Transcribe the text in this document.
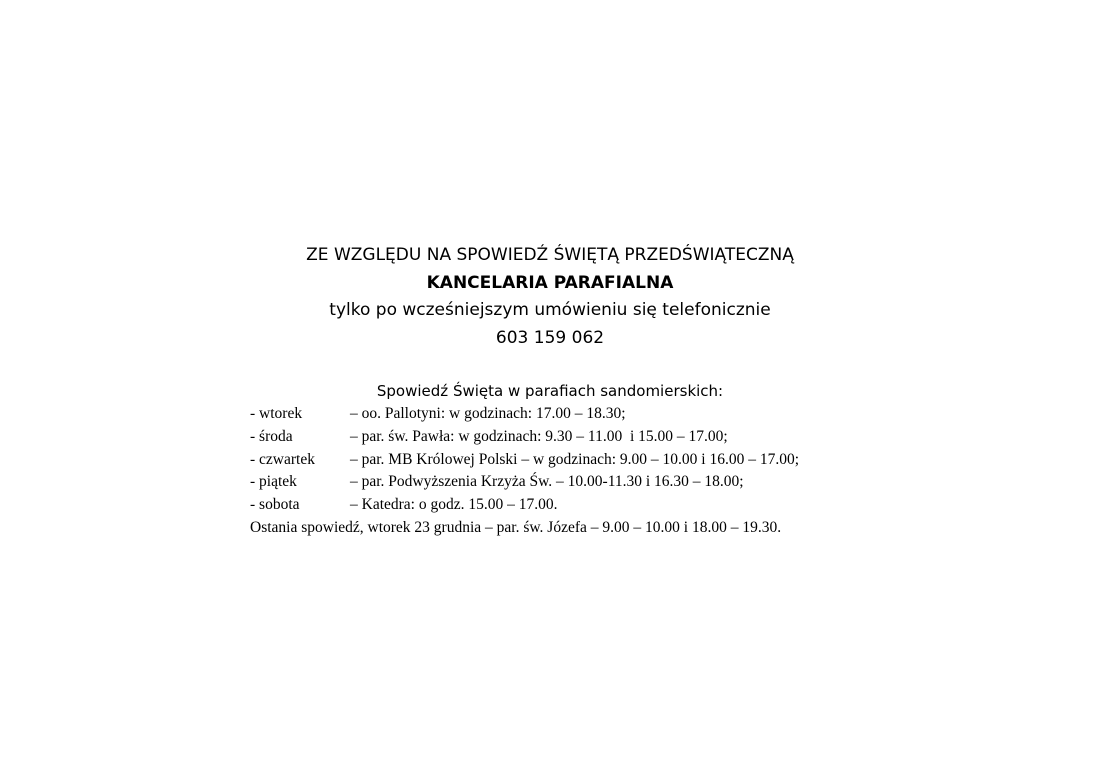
ZE WZGLĘDU NA SPOWIEDŹ ŚWIĘTĄ PRZEDŚWIĄTECZNĄ
KANCELARIA PARAFIALNA
tylko po wcześniejszym umówieniu się telefonicznie
603 159 062
Spowiedź Święta w parafiach sandomierskich:
- wtorek	– oo. Pallotyni: w godzinach: 17.00 – 18.30;
- środa	– par. św. Pawła: w godzinach: 9.30 – 11.00  i 15.00 – 17.00;
- czwartek	– par. MB Królowej Polski – w godzinach: 9.00 – 10.00 i 16.00 – 17.00;
- piątek	– par. Podwyższenia Krzyża Św. – 10.00-11.30 i 16.30 – 18.00;
- sobota	– Katedra: o godz. 15.00 – 17.00.
Ostania spowiedź, wtorek 23 grudnia – par. św. Józefa – 9.00 – 10.00 i 18.00 – 19.30.
